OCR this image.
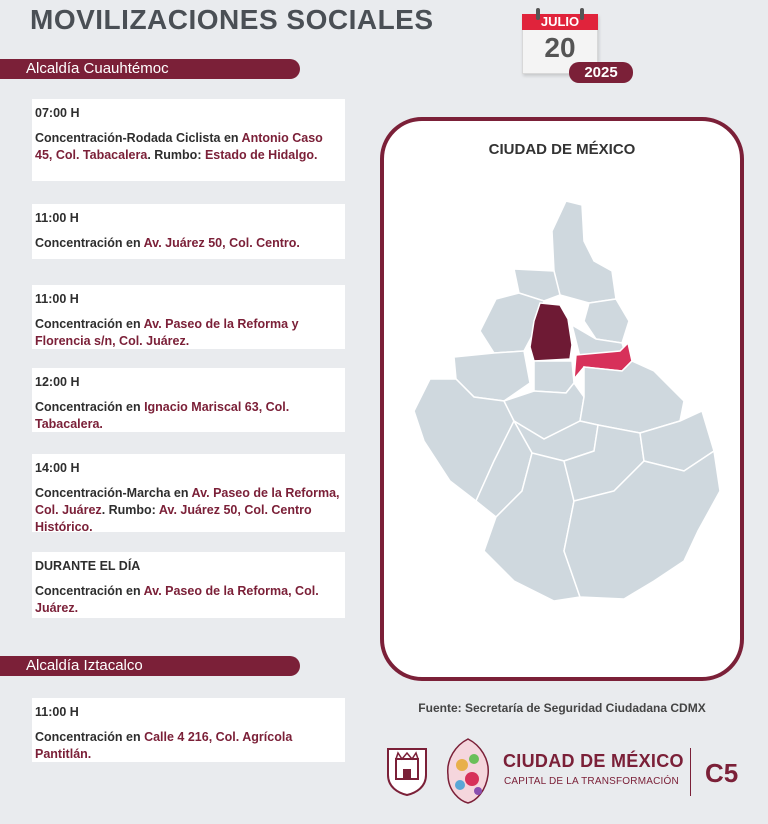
MOVILIZACIONES SOCIALES	JULIO
20
2025
Alcaldía Cuauhtémoc
Alcaldía Iztacalco
07:00 H
Concentración-Rodada Ciclista en Antonio Caso 45, Col. Tabacalera. Rumbo: Estado de Hidalgo.
11:00 H
Concentración en Av. Juárez 50, Col. Centro.
11:00 H
Concentración en Av. Paseo de la Reforma y Florencia s/n, Col. Juárez.
12:00 H
Concentración en Ignacio Mariscal 63, Col. Tabacalera.
14:00 H
Concentración-Marcha en Av. Paseo de la Reforma, Col. Juárez. Rumbo: Av. Juárez 50, Col. Centro Histórico.
DURANTE EL DÍA
Concentración en Av. Paseo de la Reforma, Col. Juárez.
11:00 H
Concentración en Calle 4 216, Col. Agrícola Pantitlán.
CIUDAD DE MÉXICO
Fuente: Secretaría de Seguridad Ciudadana CDMX
CIUDAD DE MÉXICO
CAPITAL DE LA TRANSFORMACIÓN C5
